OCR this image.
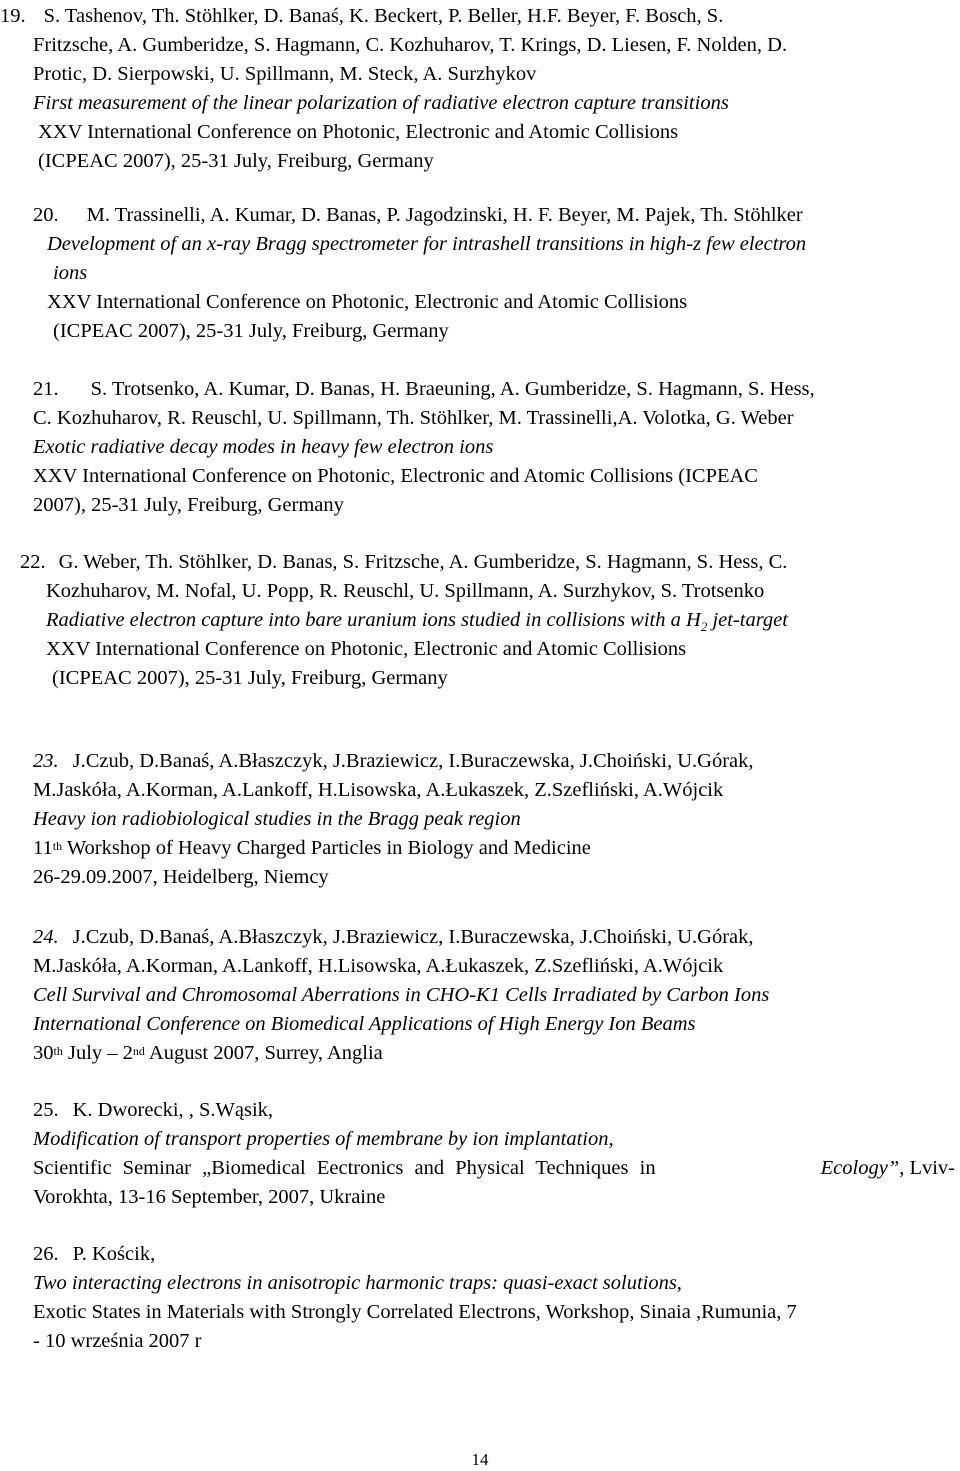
19. S. Tashenov, Th. Stöhlker, D. Banaś, K. Beckert, P. Beller, H.F. Beyer, F. Bosch, S.
Fritzsche, A. Gumberidze, S. Hagmann, C. Kozhuharov, T. Krings, D. Liesen, F. Nolden, D.
Protic, D. Sierpowski, U. Spillmann, M. Steck, A. Surzhykov
First measurement of the linear polarization of radiative electron capture transitions
XXV International Conference on Photonic, Electronic and Atomic Collisions
(ICPEAC 2007), 25-31 July, Freiburg, Germany
20. M. Trassinelli, A. Kumar, D. Banas, P. Jagodzinski, H. F. Beyer, M. Pajek, Th. Stöhlker
Development of an x-ray Bragg spectrometer for intrashell transitions in high-z few electron
ions
XXV International Conference on Photonic, Electronic and Atomic Collisions
(ICPEAC 2007), 25-31 July, Freiburg, Germany
21. S. Trotsenko, A. Kumar, D. Banas, H. Braeuning, A. Gumberidze, S. Hagmann, S. Hess,
C. Kozhuharov, R. Reuschl, U. Spillmann, Th. Stöhlker, M. Trassinelli,A. Volotka, G. Weber
Exotic radiative decay modes in heavy few electron ions
XXV International Conference on Photonic, Electronic and Atomic Collisions (ICPEAC
2007), 25-31 July, Freiburg, Germany
22. G. Weber, Th. Stöhlker, D. Banas, S. Fritzsche, A. Gumberidze, S. Hagmann, S. Hess, C.
Kozhuharov, M. Nofal, U. Popp, R. Reuschl, U. Spillmann, A. Surzhykov, S. Trotsenko
Radiative electron capture into bare uranium ions studied in collisions with a $H_2$ jet-target
XXV International Conference on Photonic, Electronic and Atomic Collisions
(ICPEAC 2007), 25-31 July, Freiburg, Germany
23. J.Czub, D.Banaś, A.Błaszczyk, J.Braziewicz, I.Buraczewska, J.Choiński, U.Górak,
M.Jaskóła, A.Korman, A.Lankoff, H.Lisowska, A.Łukaszek, Z.Szefliński, A.Wójcik
Heavy ion radiobiological studies in the Bragg peak region
11th Workshop of Heavy Charged Particles in Biology and Medicine
26-29.09.2007, Heidelberg, Niemcy
24. J.Czub, D.Banaś, A.Błaszczyk, J.Braziewicz, I.Buraczewska, J.Choiński, U.Górak,
M.Jaskóła, A.Korman, A.Lankoff, H.Lisowska, A.Łukaszek, Z.Szefliński, A.Wójcik
Cell Survival and Chromosomal Aberrations in CHO-K1 Cells Irradiated by Carbon Ions
International Conference on Biomedical Applications of High Energy Ion Beams
30th July – 2nd August 2007, Surrey, Anglia
25. K. Dworecki, , S.Wąsik,
Modification of transport properties of membrane by ion implantation,
Scientific Seminar „Biomedical Eectronics and Physical Techniques in	Ecology”, Lviv-
Vorokhta, 13-16 September, 2007, Ukraine
26. P. Kościk,
Two interacting electrons in anisotropic harmonic traps: quasi-exact solutions,
Exotic States in Materials with Strongly Correlated Electrons, Workshop, Sinaia ,Rumunia, 7
- 10 września 2007 r
14
